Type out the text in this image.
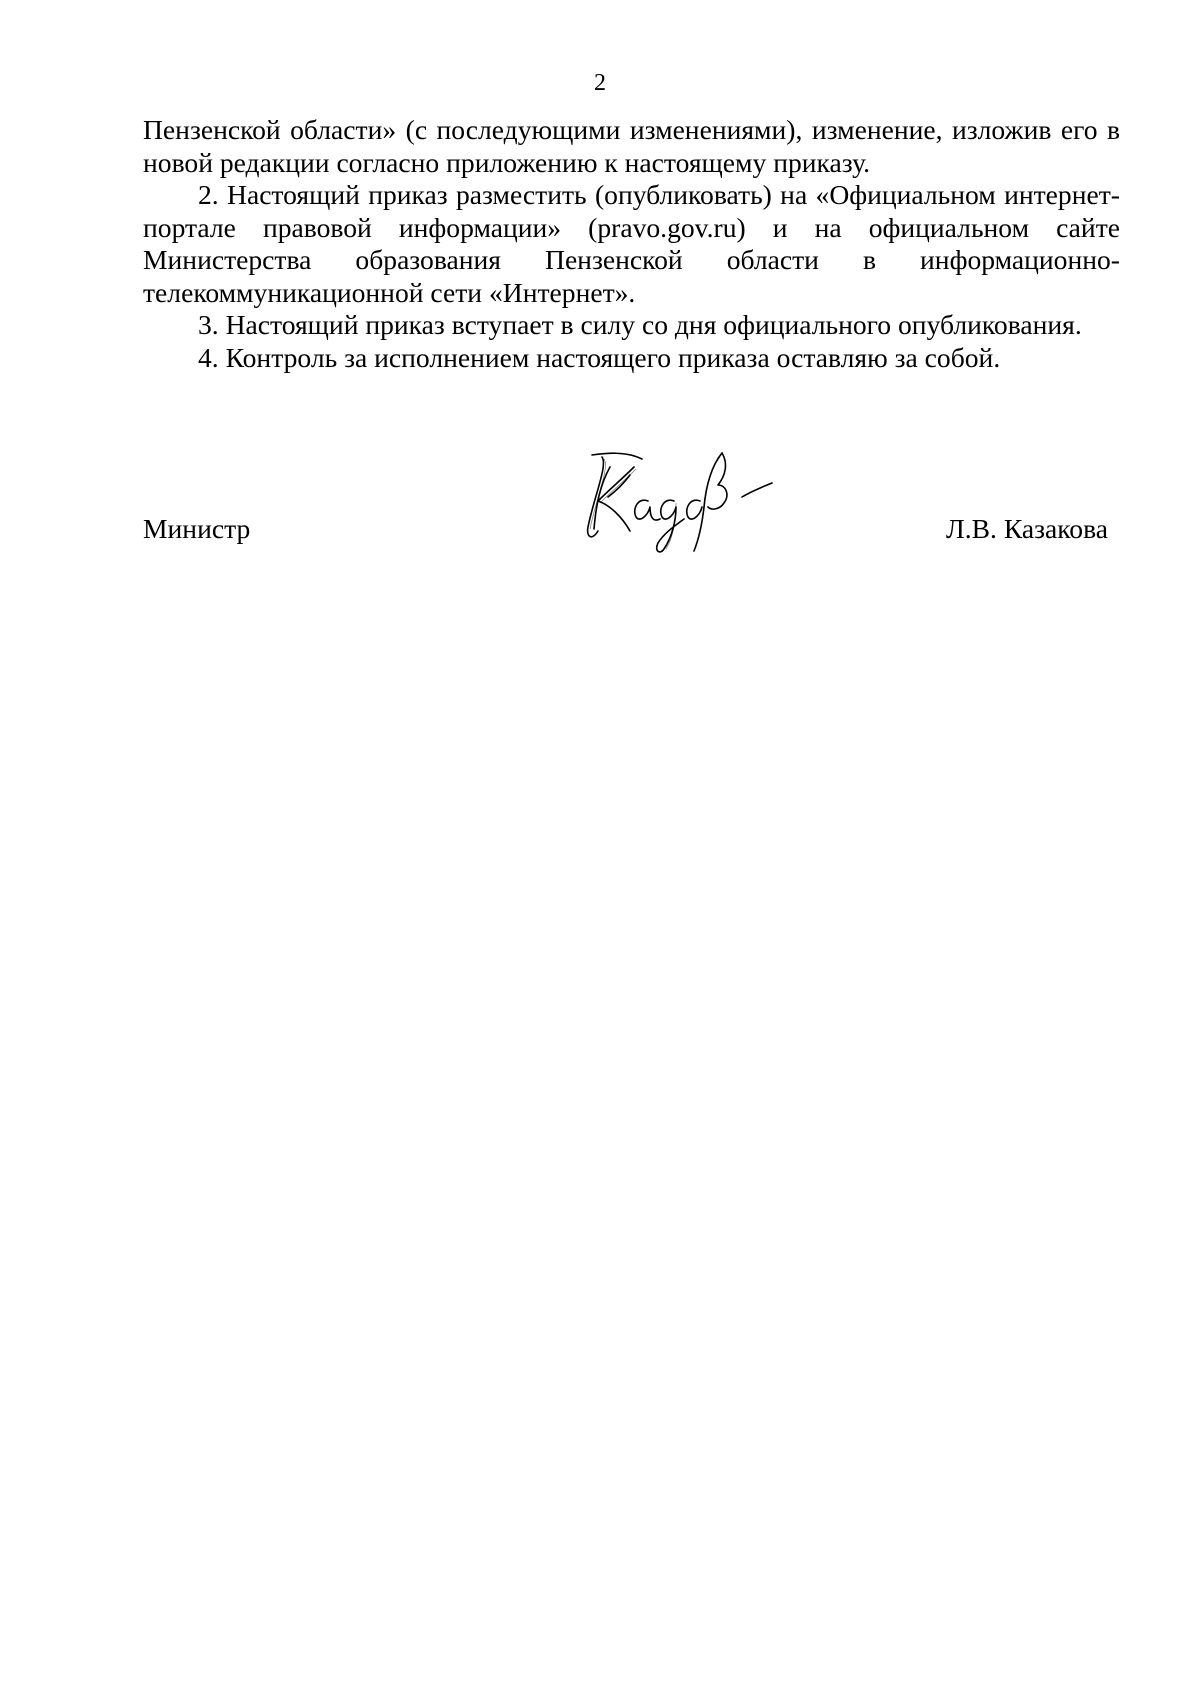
2

Пензенской области» (с последующими изменениями), изменение, изложив его в новой редакции согласно приложению к настоящему приказу.

2. Настоящий приказ разместить (опубликовать) на «Официальном интернет-портале правовой информации» (pravo.gov.ru) и на официальном сайте Министерства образования Пензенской области в информационно-телекоммуникационной сети «Интернет».

3. Настоящий приказ вступает в силу со дня официального опубликования.

4. Контроль за исполнением настоящего приказа оставляю за собой.

Министр	Л.В. Казакова
